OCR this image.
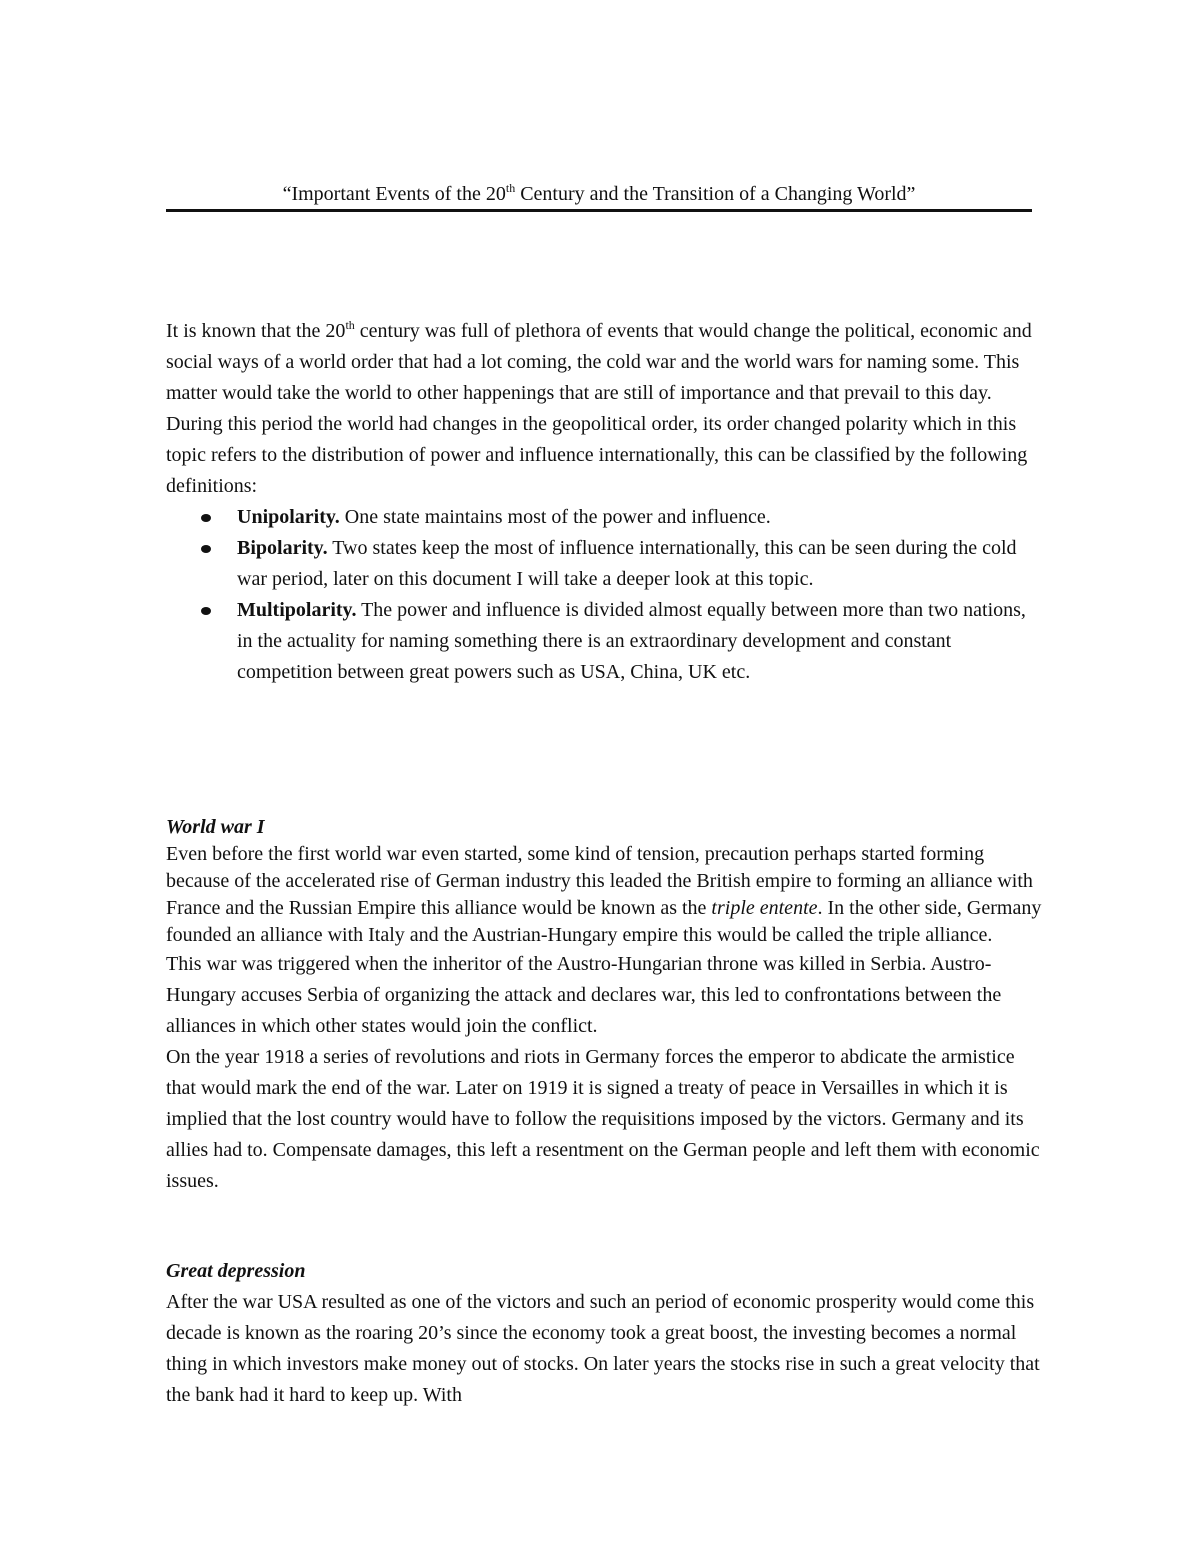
“Important Events of the 20th Century and the Transition of a Changing World”

It is known that the 20th century was full of plethora of events that would change the political, economic and social ways of a world order that had a lot coming, the cold war and the world wars for naming some. This matter would take the world to other happenings that are still of importance and that prevail to this day.

During this period the world had changes in the geopolitical order, its order changed polarity which in this topic refers to the distribution of power and influence internationally, this can be classified by the following definitions:

Unipolarity. One state maintains most of the power and influence.
Bipolarity. Two states keep the most of influence internationally, this can be seen during the cold war period, later on this document I will take a deeper look at this topic.
Multipolarity. The power and influence is divided almost equally between more than two nations, in the actuality for naming something there is an extraordinary development and constant competition between great powers such as USA, China, UK etc.

World war I

Even before the first world war even started, some kind of tension, precaution perhaps started forming because of the accelerated rise of German industry this leaded the British empire to forming an alliance with France and the Russian Empire this alliance would be known as the triple entente. In the other side, Germany founded an alliance with Italy and the Austrian-Hungary empire this would be called the triple alliance.

This war was triggered when the inheritor of the Austro-Hungarian throne was killed in Serbia. Austro-Hungary accuses Serbia of organizing the attack and declares war, this led to confrontations between the alliances in which other states would join the conflict.

On the year 1918 a series of revolutions and riots in Germany forces the emperor to abdicate the armistice that would mark the end of the war. Later on 1919 it is signed a treaty of peace in Versailles in which it is implied that the lost country would have to follow the requisitions imposed by the victors. Germany and its allies had to. Compensate damages, this left a resentment on the German people and left them with economic issues.

Great depression

After the war USA resulted as one of the victors and such an period of economic prosperity would come this decade is known as the roaring 20’s since the economy took a great boost, the investing becomes a normal thing in which investors make money out of stocks. On later years the stocks rise in such a great velocity that the bank had it hard to keep up. With
